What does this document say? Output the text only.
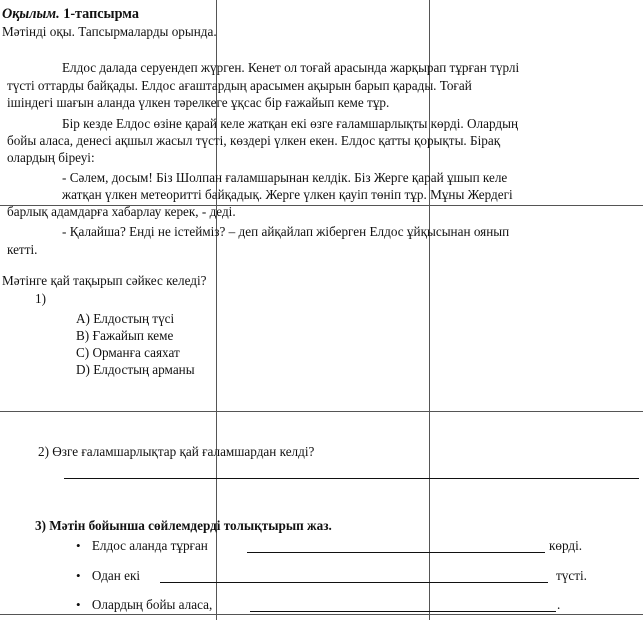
Оқылым. 1-тапсырма
Мәтінді оқы. Тапсырмаларды орында.
Елдос далада серуендеп жүрген. Кенет ол тоғай арасында жарқырап тұрған түрлі
түсті оттарды байқады. Елдос ағаштардың арасымен ақырын барып қарады. Тоғай
ішіндегі шағын аланда үлкен тәрелкеге ұқсас бір ғажайып кеме тұр.
Бір кезде Елдос өзіне қарай келе жатқан екі өзге ғаламшарлықты көрді. Олардың
бойы аласа, денесі ақшыл жасыл түсті, көздері үлкен екен. Елдос қатты қорықты. Бірақ
олардың біреуі:
- Сәлем, досым! Біз Шолпан ғаламшарынан келдік. Біз Жерге қарай ұшып келе
жатқан үлкен метеоритті байқадық. Жерге үлкен қауіп төніп тұр. Мұны Жердегі
барлық адамдарға хабарлау керек, - деді.
- Қалайша? Енді не істейміз? – деп айқайлап жіберген Елдос ұйқысынан оянып
кетті.
Мәтінге қай тақырып сәйкес келеді?
1)
A) Елдостың түсі
B) Ғажайып кеме
C) Орманға саяхат
D) Елдостың арманы
2) Өзге ғаламшарлықтар қай ғаламшардан келді?
3) Мәтін бойынша сөйлемдерді толықтырып жаз.
• Елдос аланда тұрған	көрді.
• Одан екі	түсті.
• Олардың бойы аласа,	.
